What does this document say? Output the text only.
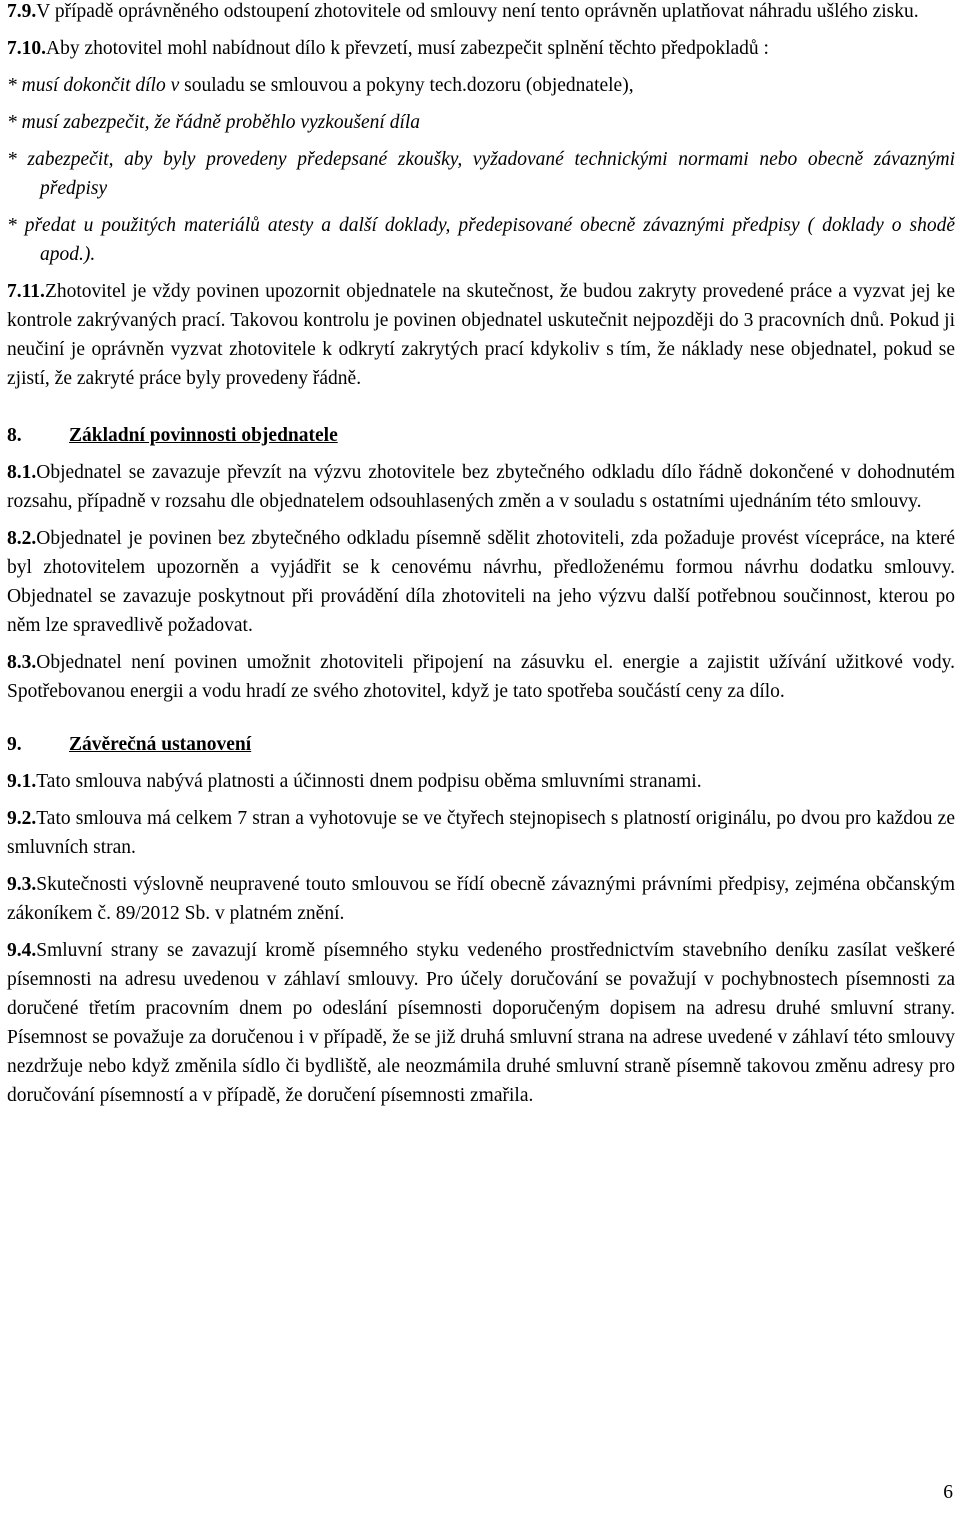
7.9.V případě oprávněného odstoupení zhotovitele od smlouvy není tento oprávněn uplatňovat náhradu ušlého zisku.

7.10.Aby zhotovitel mohl nabídnout dílo k převzetí, musí zabezpečit splnění těchto předpokladů :

* musí dokončit dílo v souladu se smlouvou a pokyny tech.dozoru (objednatele),

* musí zabezpečit, že řádně proběhlo vyzkoušení díla

* zabezpečit, aby byly provedeny předepsané zkoušky, vyžadované technickými normami nebo obecně závaznými předpisy

* předat u použitých materiálů atesty a další doklady, předepisované obecně závaznými předpisy ( doklady o shodě apod.).

7.11.Zhotovitel je vždy povinen upozornit objednatele na skutečnost, že budou zakryty provedené práce a vyzvat jej ke kontrole zakrývaných prací. Takovou kontrolu je povinen objednatel uskutečnit nejpozději do 3 pracovních dnů. Pokud ji neučiní je oprávněn vyzvat zhotovitele k odkrytí zakrytých prací kdykoliv s tím, že náklady nese objednatel, pokud se zjistí, že zakryté práce byly provedeny řádně.

8. Základní povinnosti objednatele

8.1.Objednatel se zavazuje převzít na výzvu zhotovitele bez zbytečného odkladu dílo řádně dokončené v dohodnutém rozsahu, případně v rozsahu dle objednatelem odsouhlasených změn a v souladu s ostatními ujednáním této smlouvy.

8.2.Objednatel je povinen bez zbytečného odkladu písemně sdělit zhotoviteli, zda požaduje provést vícepráce, na které byl zhotovitelem upozorněn a vyjádřit se k cenovému návrhu, předloženému formou návrhu dodatku smlouvy. Objednatel se zavazuje poskytnout při provádění díla zhotoviteli na jeho výzvu další potřebnou součinnost, kterou po něm lze spravedlivě požadovat.

8.3.Objednatel není povinen umožnit zhotoviteli připojení na zásuvku el. energie a zajistit užívání užitkové vody. Spotřebovanou energii a vodu hradí ze svého zhotovitel, když je tato spotřeba součástí ceny za dílo.

9. Závěrečná ustanovení

9.1.Tato smlouva nabývá platnosti a účinnosti dnem podpisu oběma smluvními stranami.

9.2.Tato smlouva má celkem 7 stran a vyhotovuje se ve čtyřech stejnopisech s platností originálu, po dvou pro každou ze smluvních stran.

9.3.Skutečnosti výslovně neupravené touto smlouvou se řídí obecně závaznými právními předpisy, zejména občanským zákoníkem č. 89/2012 Sb. v platném znění.

9.4.Smluvní strany se zavazují kromě písemného styku vedeného prostřednictvím stavebního deníku zasílat veškeré písemnosti na adresu uvedenou v záhlaví smlouvy. Pro účely doručování se považují v pochybnostech písemnosti za doručené třetím pracovním dnem po odeslání písemnosti doporučeným dopisem na adresu druhé smluvní strany. Písemnost se považuje za doručenou i v případě, že se již druhá smluvní strana na adrese uvedené v záhlaví této smlouvy nezdržuje nebo když změnila sídlo či bydliště, ale neozmámila druhé smluvní straně písemně takovou změnu adresy pro doručování písemností a v případě, že doručení písemnosti zmařila.

6
